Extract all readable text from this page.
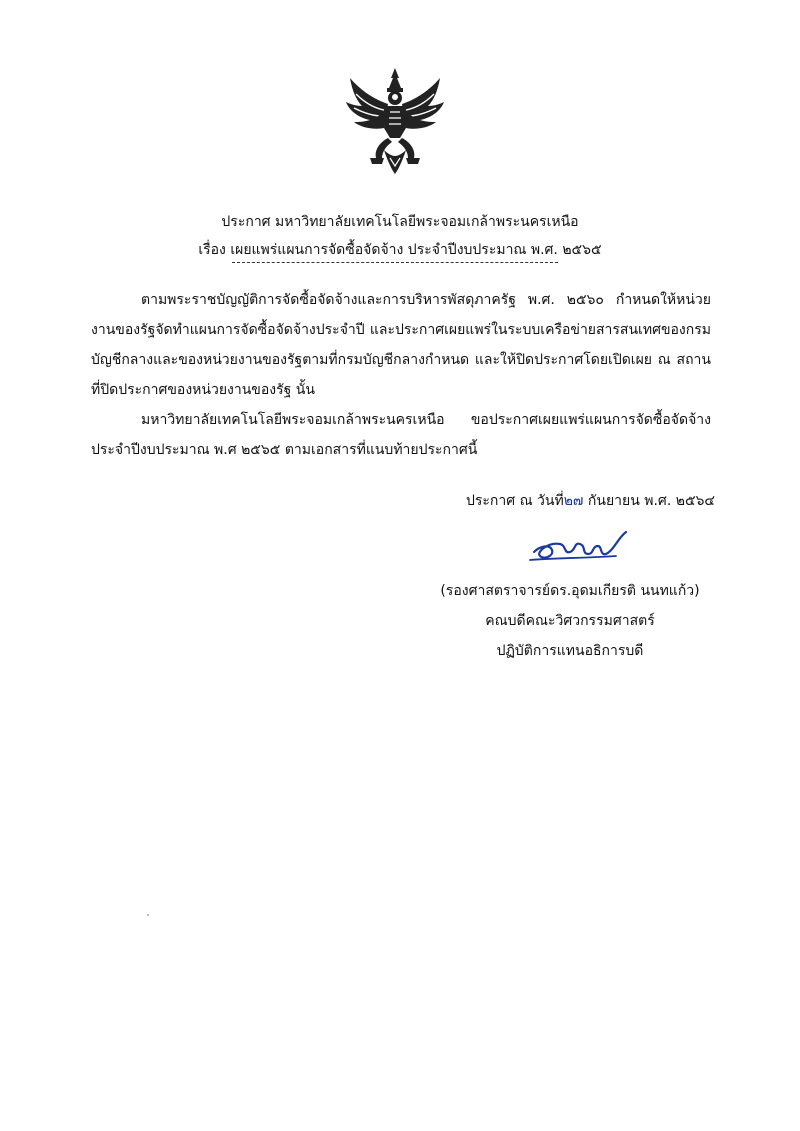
ประกาศ มหาวิทยาลัยเทคโนโลยีพระจอมเกล้าพระนครเหนือ
เรื่อง เผยแพร่แผนการจัดซื้อจัดจ้าง ประจำปีงบประมาณ พ.ศ. ๒๕๖๕

ตามพระราชบัญญัติการจัดซื้อจัดจ้างและการบริหารพัสดุภาครัฐ พ.ศ. ๒๕๖๐ กำหนดให้หน่วยงานของรัฐจัดทำแผนการจัดซื้อจัดจ้างประจำปี และประกาศเผยแพร่ในระบบเครือข่ายสารสนเทศของกรมบัญชีกลางและของหน่วยงานของรัฐตามที่กรมบัญชีกลางกำหนด และให้ปิดประกาศโดยเปิดเผย ณ สถานที่ปิดประกาศของหน่วยงานของรัฐ นั้น

มหาวิทยาลัยเทคโนโลยีพระจอมเกล้าพระนครเหนือ ขอประกาศเผยแพร่แผนการจัดซื้อจัดจ้าง ประจำปีงบประมาณ พ.ศ ๒๕๖๕ ตามเอกสารที่แนบท้ายประกาศนี้

ประกาศ ณ วันที่๒๗ กันยายน พ.ศ. ๒๕๖๔
(รองศาสตราจารย์ดร.อุดมเกียรติ นนทแก้ว)
คณบดีคณะวิศวกรรมศาสตร์
ปฏิบัติการแทนอธิการบดี
